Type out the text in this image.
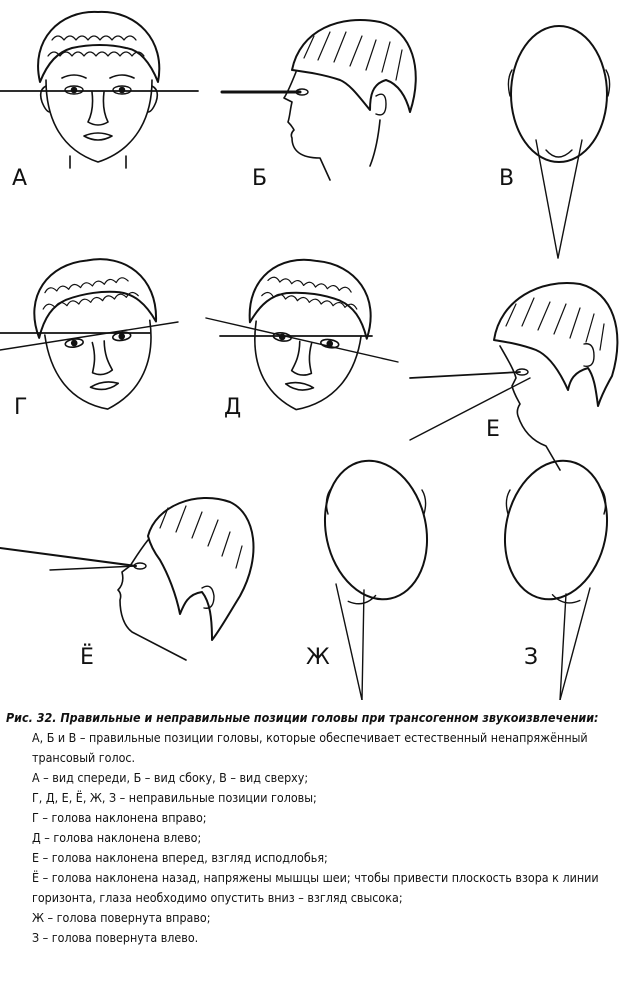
А	Б	В
Г	Д
Е
Ё	Ж	З

Рис. 32. Правильные и неправильные позиции головы при трансогенном звукоизвлечении:

А, Б и В – правильные позиции головы, которые обеспечивает естественный ненапряжённый трансовый голос.

А – вид спереди, Б – вид сбоку, В – вид сверху;

Г, Д, Е, Ё, Ж, З – неправильные позиции головы;

Г – голова наклонена вправо;

Д – голова наклонена влево;

Е – голова наклонена вперед, взгляд исподлобья;

Ё – голова наклонена назад, напряжены мышцы шеи; чтобы привести плоскость взора к линии горизонта, глаза необходимо опустить вниз – взгляд свысока;

Ж – голова повернута вправо;

З – голова повернута влево.
